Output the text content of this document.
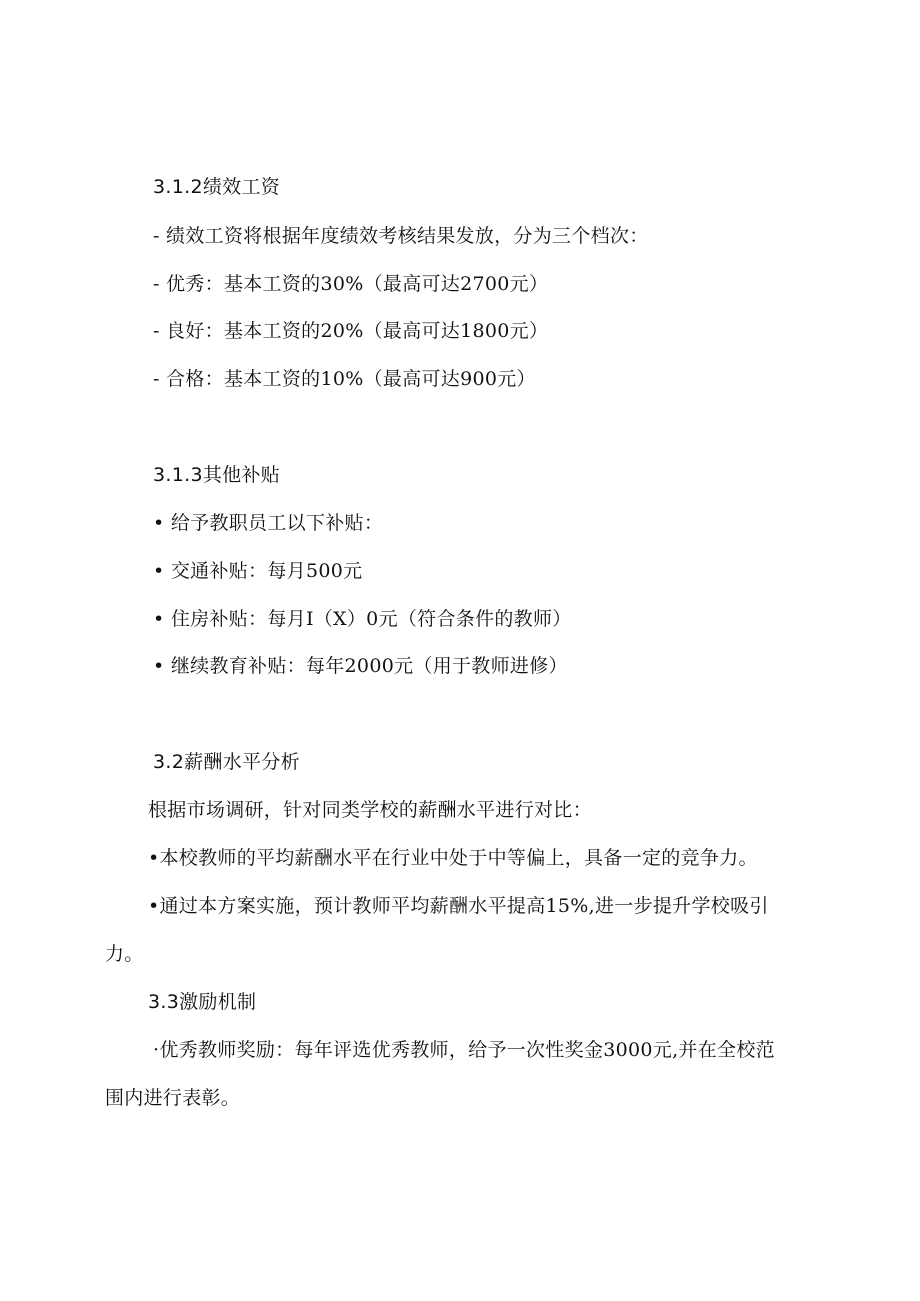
3.1.2绩效工资

- 绩效工资将根据年度绩效考核结果发放，分为三个档次：

- 优秀：基本工资的30%（最高可达2700元）

- 良好：基本工资的20%（最高可达1800元）

- 合格：基本工资的10%（最高可达900元）

3.1.3其他补贴

• 给予教职员工以下补贴：

• 交通补贴：每月500元

• 住房补贴：每月I（X）0元（符合条件的教师）

• 继续教育补贴：每年2000元（用于教师进修）

3.2薪酬水平分析

根据市场调研，针对同类学校的薪酬水平进行对比：

•本校教师的平均薪酬水平在行业中处于中等偏上，具备一定的竞争力。

•通过本方案实施，预计教师平均薪酬水平提高15%,进一步提升学校吸引

力。

3.3激励机制

·优秀教师奖励：每年评选优秀教师，给予一次性奖金3000元,并在全校范

围内进行表彰。
